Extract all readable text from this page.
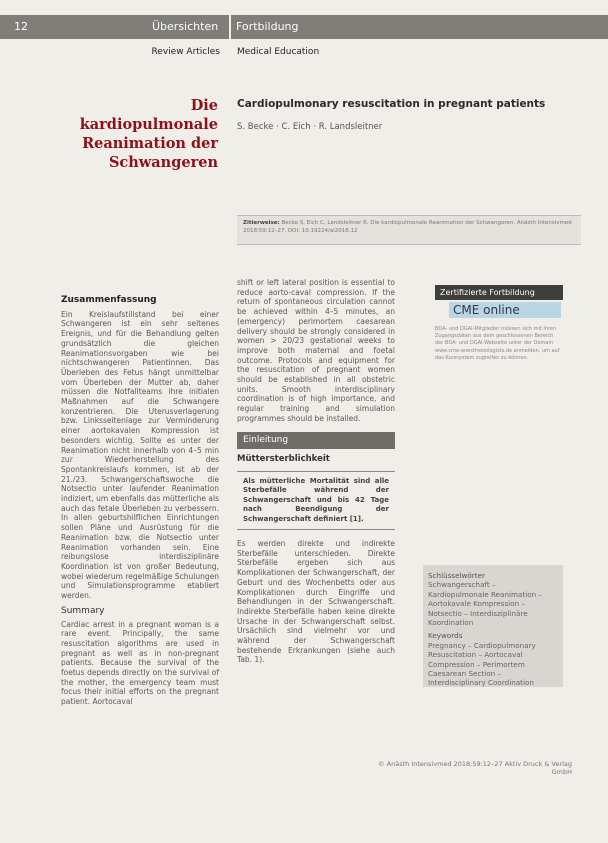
12	Übersichten Fortbildung
Review Articles Medical Education
Die kardiopulmonale Reanimation der Schwangeren
Cardiopulmonary resuscitation in pregnant patients
S. Becke · C. Eich · R. Landsleitner
Zitierweise: Becke S, Eich C, Landsleitner R. Die kardiopulmonale Reanimation der Schwangeren. Anästh Intensivmed 2018;59:12–27. DOI: 10.19224/ai2018.12
Zusammenfassung
Ein Kreislaufstillstand bei einer Schwangeren ist ein sehr seltenes Ereignis, und für die Behandlung gelten grundsätzlich die gleichen Reanimationsvorgaben wie bei nichtschwangeren Patientinnen. Das Überleben des Fetus hängt unmittelbar vom Überleben der Mutter ab, daher müssen die Notfallteams ihre initialen Maßnahmen auf die Schwangere konzentrieren. Die Uterusverlagerung bzw. Linksseitenlage zur Verminderung einer aortokavalen Kompression ist besonders wichtig. Sollte es unter der Reanimation nicht innerhalb von 4–5 min zur Wiederherstellung des Spontankreislaufs kommen, ist ab der 21./23. Schwangerschaftswoche die Notsectio unter laufender Reanimation indiziert, um ebenfalls das mütterliche als auch das fetale Überleben zu verbessern. In allen geburtshilflichen Einrichtungen sollen Pläne und Ausrüstung für die Reanimation bzw. die Notsectio unter Reanimation vorhanden sein. Eine reibungslose interdisziplinäre Koordination ist von großer Bedeutung, wobei wiederum regelmäßige Schulungen und Simulationsprogramme etabliert werden.
Summary
Cardiac arrest in a pregnant woman is a rare event. Principally, the same resuscitation algorithms are used in pregnant as well as in non-pregnant patients. Because the survival of the foetus depends directly on the survival of the mother, the emergency team must focus their initial efforts on the pregnant patient. Aortocaval
shift or left lateral position is essential to reduce aorto-caval compression. If the return of spontaneous circulation cannot be achieved within 4–5 minutes, an (emergency) perimortem caesarean delivery should be strongly considered in women > 20/23 gestational weeks to improve both maternal and foetal outcome. Protocols and equipment for the resuscitation of pregnant women should be established in all obstetric units. Smooth interdisciplinary coordination is of high importance, and regular training and simulation programmes should be installed.
Einleitung
Müttersterblichkeit
Als mütterliche Mortalität sind alle Sterbefälle während der Schwangerschaft und bis 42 Tage nach Beendigung der Schwangerschaft definiert [1].
Es werden direkte und indirekte Sterbefälle unterschieden. Direkte Sterbefälle ergeben sich aus Komplikationen der Schwangerschaft, der Geburt und des Wochenbetts oder aus Komplikationen durch Eingriffe und Behandlungen in der Schwangerschaft. Indirekte Sterbefälle haben keine direkte Ursache in der Schwangerschaft selbst. Ursächlich sind vielmehr vor und während der Schwangerschaft bestehende Erkrankungen (siehe auch Tab. 1).
Zertifizierte Fortbildung
CME online
BDA- und DGAI-Mitglieder müssen sich mit ihren Zugangsdaten aus dem geschlossenen Bereich der BDA- und DGAI-Webseite unter der Domain www.cme-anesthesiologists.de anmelden, um auf das Kurssystem zugreifen zu können.
Schlüsselwörter
Schwangerschaft – Kardiopulmonale Reanimation – Aortokavale Kompression – Notsectio – Interdisziplinäre Koordination
Keywords
Pregnancy – Cardiopulmonary Resuscitation – Aortocaval Compression – Perimortem Caesarean Section – Interdisciplinary Coordination
© Anästh Intensivmed 2018;59:12–27 Aktiv Druck & Verlag GmbH
